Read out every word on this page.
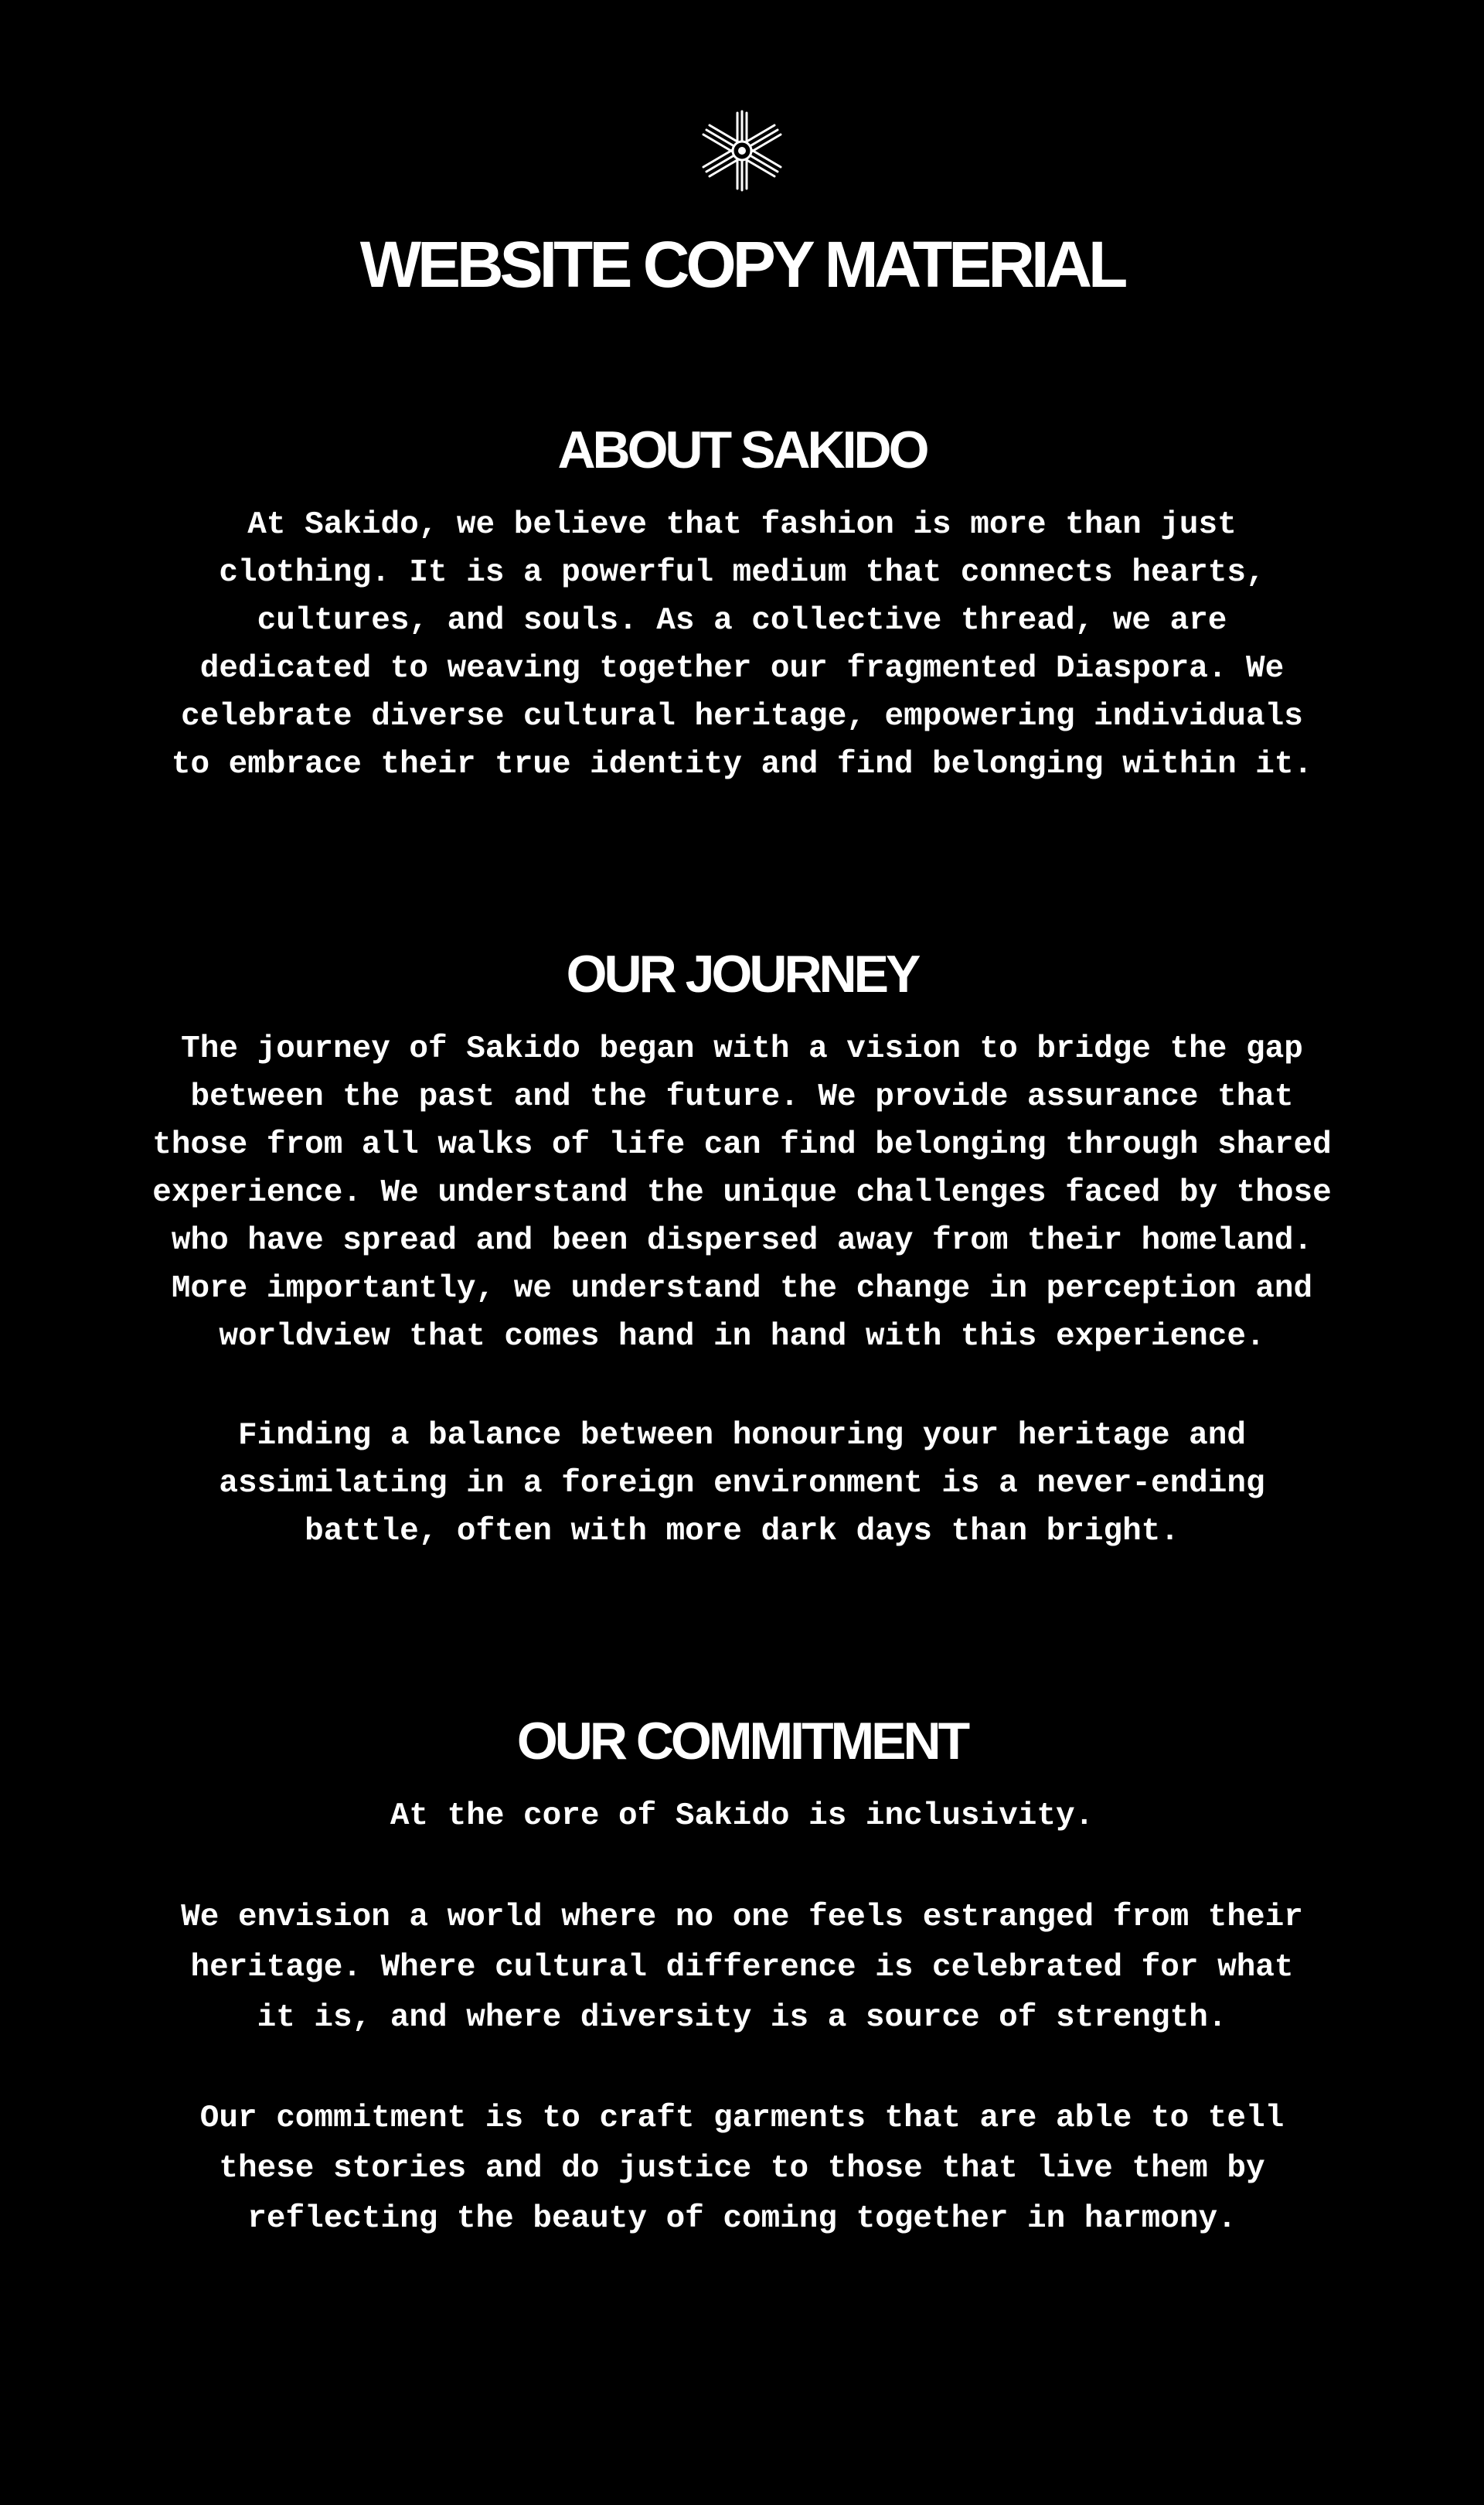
WEBSITE COPY MATERIAL
ABOUT SAKIDO

At Sakido, we believe that fashion is more than just
clothing. It is a powerful medium that connects hearts,
cultures, and souls. As a collective thread, we are
dedicated to weaving together our fragmented Diaspora. We
celebrate diverse cultural heritage, empowering individuals
to embrace their true identity and find belonging within it.

OUR JOURNEY

The journey of Sakido began with a vision to bridge the gap
between the past and the future. We provide assurance that
those from all walks of life can find belonging through shared
experience. We understand the unique challenges faced by those
who have spread and been dispersed away from their homeland.
More importantly, we understand the change in perception and
worldview that comes hand in hand with this experience.

Finding a balance between honouring your heritage and
assimilating in a foreign environment is a never-ending
battle, often with more dark days than bright.

OUR COMMITMENT

At the core of Sakido is inclusivity.

We envision a world where no one feels estranged from their
heritage. Where cultural difference is celebrated for what
it is, and where diversity is a source of strength.

Our commitment is to craft garments that are able to tell
these stories and do justice to those that live them by
reflecting the beauty of coming together in harmony.
